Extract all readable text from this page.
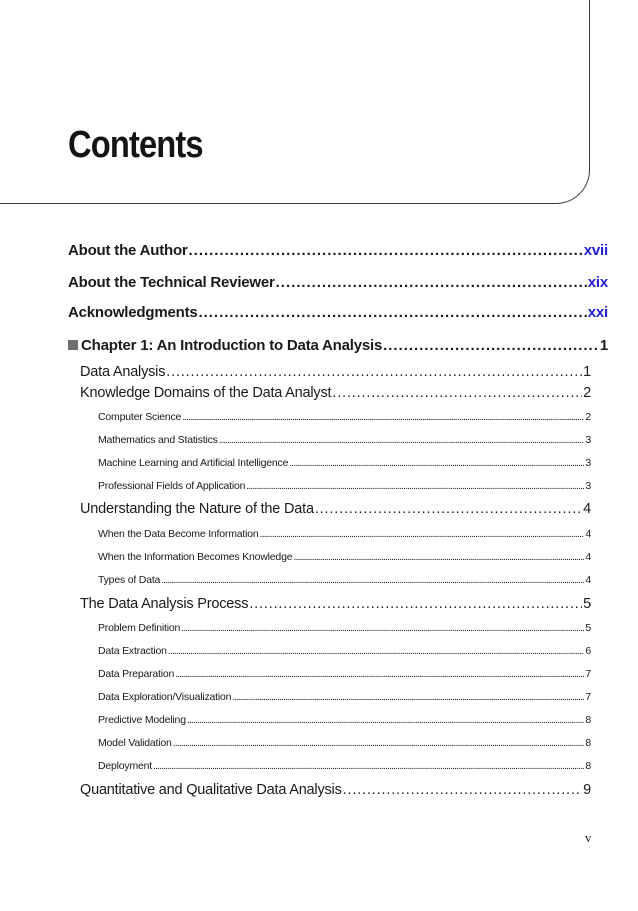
Contents
About the Author . . .	xvii
About the Technical Reviewer . . .	xix
Acknowledgments . . .	xxi
Chapter 1: An Introduction to Data Analysis . . .	1
Data Analysis . . .	1
Knowledge Domains of the Data Analyst . . .	2
Computer Science . . .	2
Mathematics and Statistics . . .	3
Machine Learning and Artificial Intelligence . . .	3
Professional Fields of Application . . .	3
Understanding the Nature of the Data . . .	4
When the Data Become Information . . .	4
When the Information Becomes Knowledge . . .	4
Types of Data . . .	4
The Data Analysis Process . . .	5
Problem Definition . . .	5
Data Extraction . . .	6
Data Preparation . . .	7
Data Exploration/Visualization . . .	7
Predictive Modeling . . .	8
Model Validation . . .	8
Deployment . . .	8
Quantitative and Qualitative Data Analysis . . .	9
v
